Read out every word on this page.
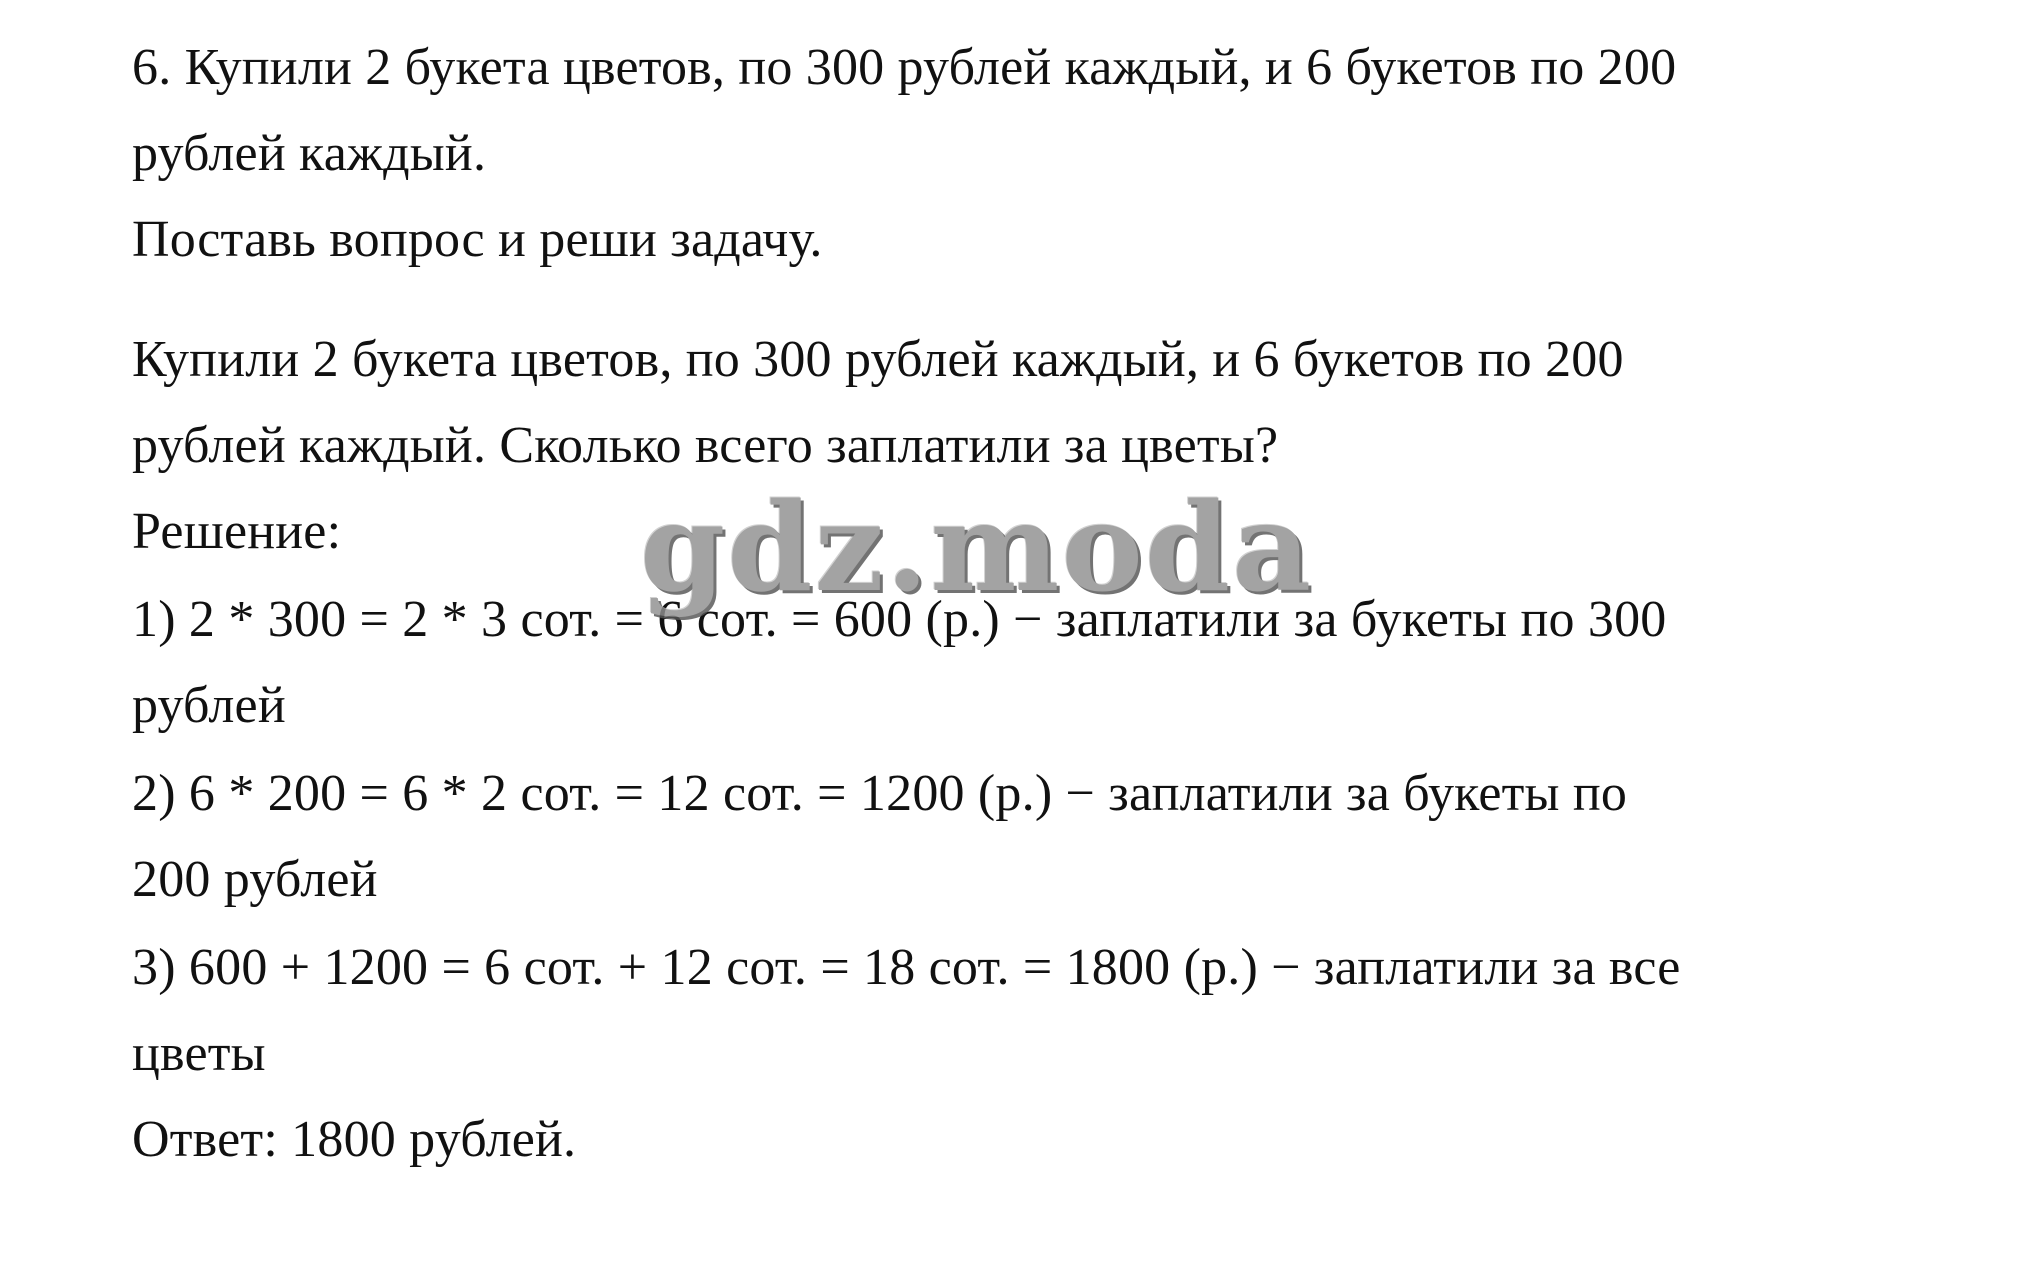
6. Купили 2 букета цветов, по 300 рублей каждый, и 6 букетов по 200
рублей каждый.
Поставь вопрос и реши задачу.
Купили 2 букета цветов, по 300 рублей каждый, и 6 букетов по 200
рублей каждый. Сколько всего заплатили за цветы?
Решение:
1) 2 * 300 = 2 * 3 сот. = 6 сот. = 600 (р.) − заплатили за букеты по 300
рублей
2) 6 * 200 = 6 * 2 сот. = 12 сот. = 1200 (р.) − заплатили за букеты по
200 рублей
3) 600 + 1200 = 6 сот. + 12 сот. = 18 сот. = 1800 (р.) − заплатили за все
цветы
Ответ: 1800 рублей.
gdz.moda
